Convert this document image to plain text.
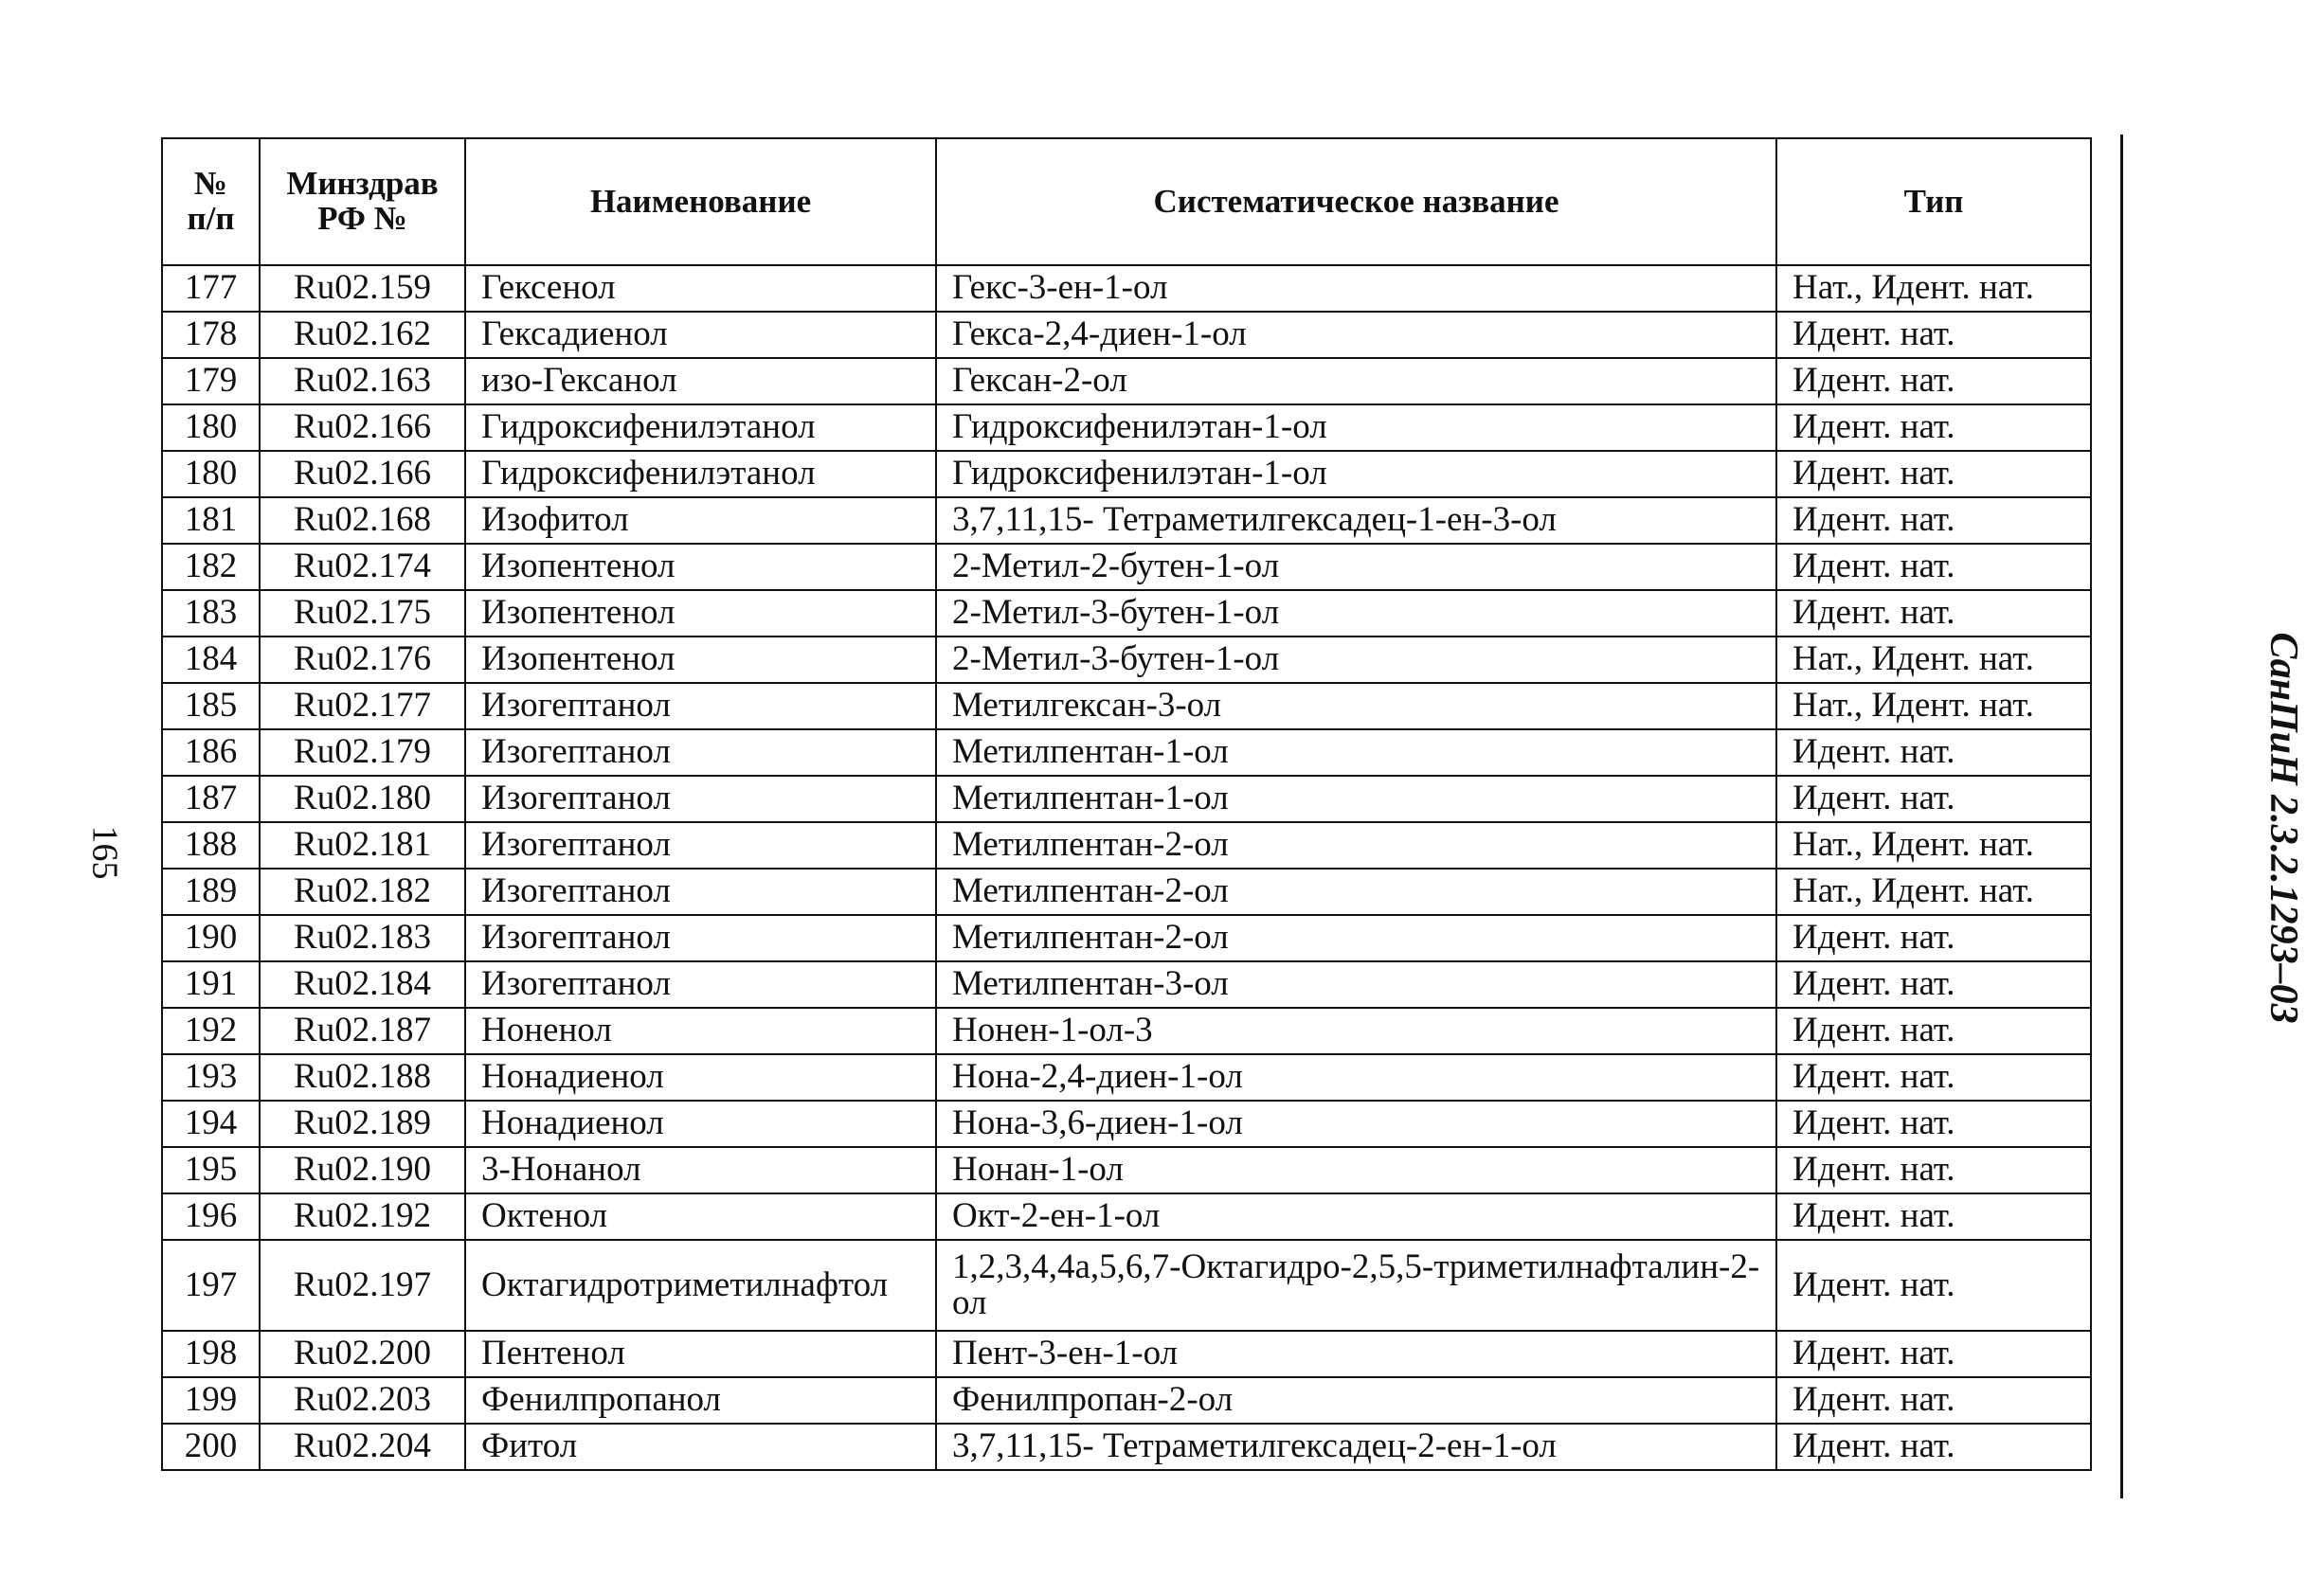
165	СанПиН 2.3.2.1293–03
№ п/п	Минздрав РФ №	Наименование	Систематическое название	Тип
177	Ru02.159	Гексенол	Гекс-3-ен-1-ол	Нат., Идент. нат.
178	Ru02.162	Гексадиенол	Гекса-2,4-диен-1-ол	Идент. нат.
179	Ru02.163	изо-Гексанол	Гексан-2-ол	Идент. нат.
180	Ru02.166	Гидроксифенилэтанол	Гидроксифенилэтан-1-ол	Идент. нат.
180	Ru02.166	Гидроксифенилэтанол	Гидроксифенилэтан-1-ол	Идент. нат.
181	Ru02.168	Изофитол	3,7,11,15- Тетраметилгексадец-1-ен-3-ол	Идент. нат.
182	Ru02.174	Изопентенол	2-Метил-2-бутен-1-ол	Идент. нат.
183	Ru02.175	Изопентенол	2-Метил-3-бутен-1-ол	Идент. нат.
184	Ru02.176	Изопентенол	2-Метил-3-бутен-1-ол	Нат., Идент. нат.
185	Ru02.177	Изогептанол	Метилгексан-3-ол	Нат., Идент. нат.
186	Ru02.179	Изогептанол	Метилпентан-1-ол	Идент. нат.
187	Ru02.180	Изогептанол	Метилпентан-1-ол	Идент. нат.
188	Ru02.181	Изогептанол	Метилпентан-2-ол	Нат., Идент. нат.
189	Ru02.182	Изогептанол	Метилпентан-2-ол	Нат., Идент. нат.
190	Ru02.183	Изогептанол	Метилпентан-2-ол	Идент. нат.
191	Ru02.184	Изогептанол	Метилпентан-3-ол	Идент. нат.
192	Ru02.187	Ноненол	Нонен-1-ол-3	Идент. нат.
193	Ru02.188	Нонадиенол	Нона-2,4-диен-1-ол	Идент. нат.
194	Ru02.189	Нонадиенол	Нона-3,6-диен-1-ол	Идент. нат.
195	Ru02.190	3-Нонанол	Нонан-1-ол	Идент. нат.
196	Ru02.192	Октенол	Окт-2-ен-1-ол	Идент. нат.
197	Ru02.197	Октагидротриметилнафтол	1,2,3,4,4а,5,6,7-Октагидро-2,5,5-триметилнафталин-2-ол	Идент. нат.
198	Ru02.200	Пентенол	Пент-3-ен-1-ол	Идент. нат.
199	Ru02.203	Фенилпропанол	Фенилпропан-2-ол	Идент. нат.
200	Ru02.204	Фитол	3,7,11,15- Тетраметилгексадец-2-ен-1-ол	Идент. нат.
